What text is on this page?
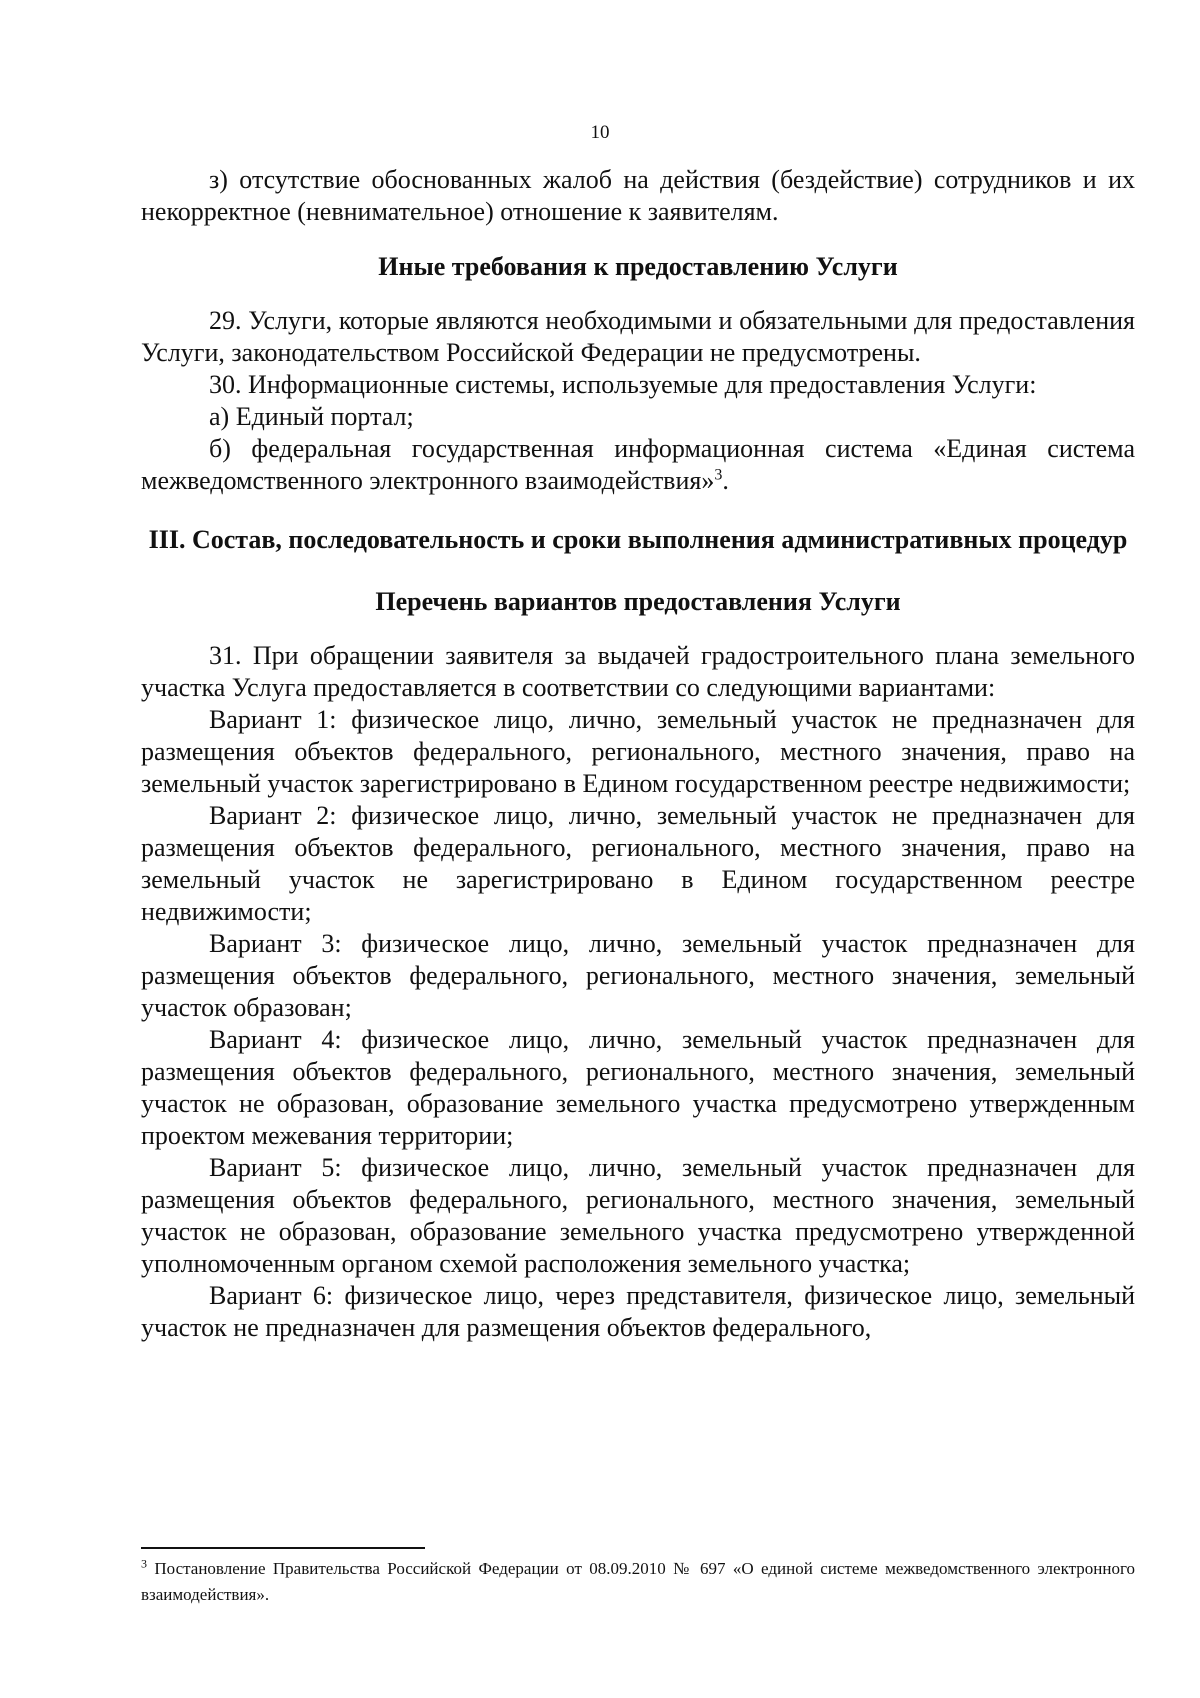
10

з) отсутствие обоснованных жалоб на действия (бездействие) сотрудников и их некорректное (невнимательное) отношение к заявителям.

Иные требования к предоставлению Услуги

29. Услуги, которые являются необходимыми и обязательными для предоставления Услуги, законодательством Российской Федерации не предусмотрены.

30. Информационные системы, используемые для предоставления Услуги:

а) Единый портал;

б) федеральная государственная информационная система «Единая система межведомственного электронного взаимодействия»$^3$.

III. Состав, последовательность и сроки выполнения административных процедур
Перечень вариантов предоставления Услуги

31. При обращении заявителя за выдачей градостроительного плана земельного участка Услуга предоставляется в соответствии со следующими вариантами:

Вариант 1: физическое лицо, лично, земельный участок не предназначен для размещения объектов федерального, регионального, местного значения, право на земельный участок зарегистрировано в Едином государственном реестре недвижимости;

Вариант 2: физическое лицо, лично, земельный участок не предназначен для размещения объектов федерального, регионального, местного значения, право на земельный участок не зарегистрировано в Едином государственном реестре недвижимости;

Вариант 3: физическое лицо, лично, земельный участок предназначен для размещения объектов федерального, регионального, местного значения, земельный участок образован;

Вариант 4: физическое лицо, лично, земельный участок предназначен для размещения объектов федерального, регионального, местного значения, земельный участок не образован, образование земельного участка предусмотрено утвержденным проектом межевания территории;

Вариант 5: физическое лицо, лично, земельный участок предназначен для размещения объектов федерального, регионального, местного значения, земельный участок не образован, образование земельного участка предусмотрено утвержденной уполномоченным органом схемой расположения земельного участка;

Вариант 6: физическое лицо, через представителя, физическое лицо, земельный участок не предназначен для размещения объектов федерального,

$^3$ Постановление Правительства Российской Федерации от 08.09.2010 № 697 «О единой системе межведомственного электронного взаимодействия».
